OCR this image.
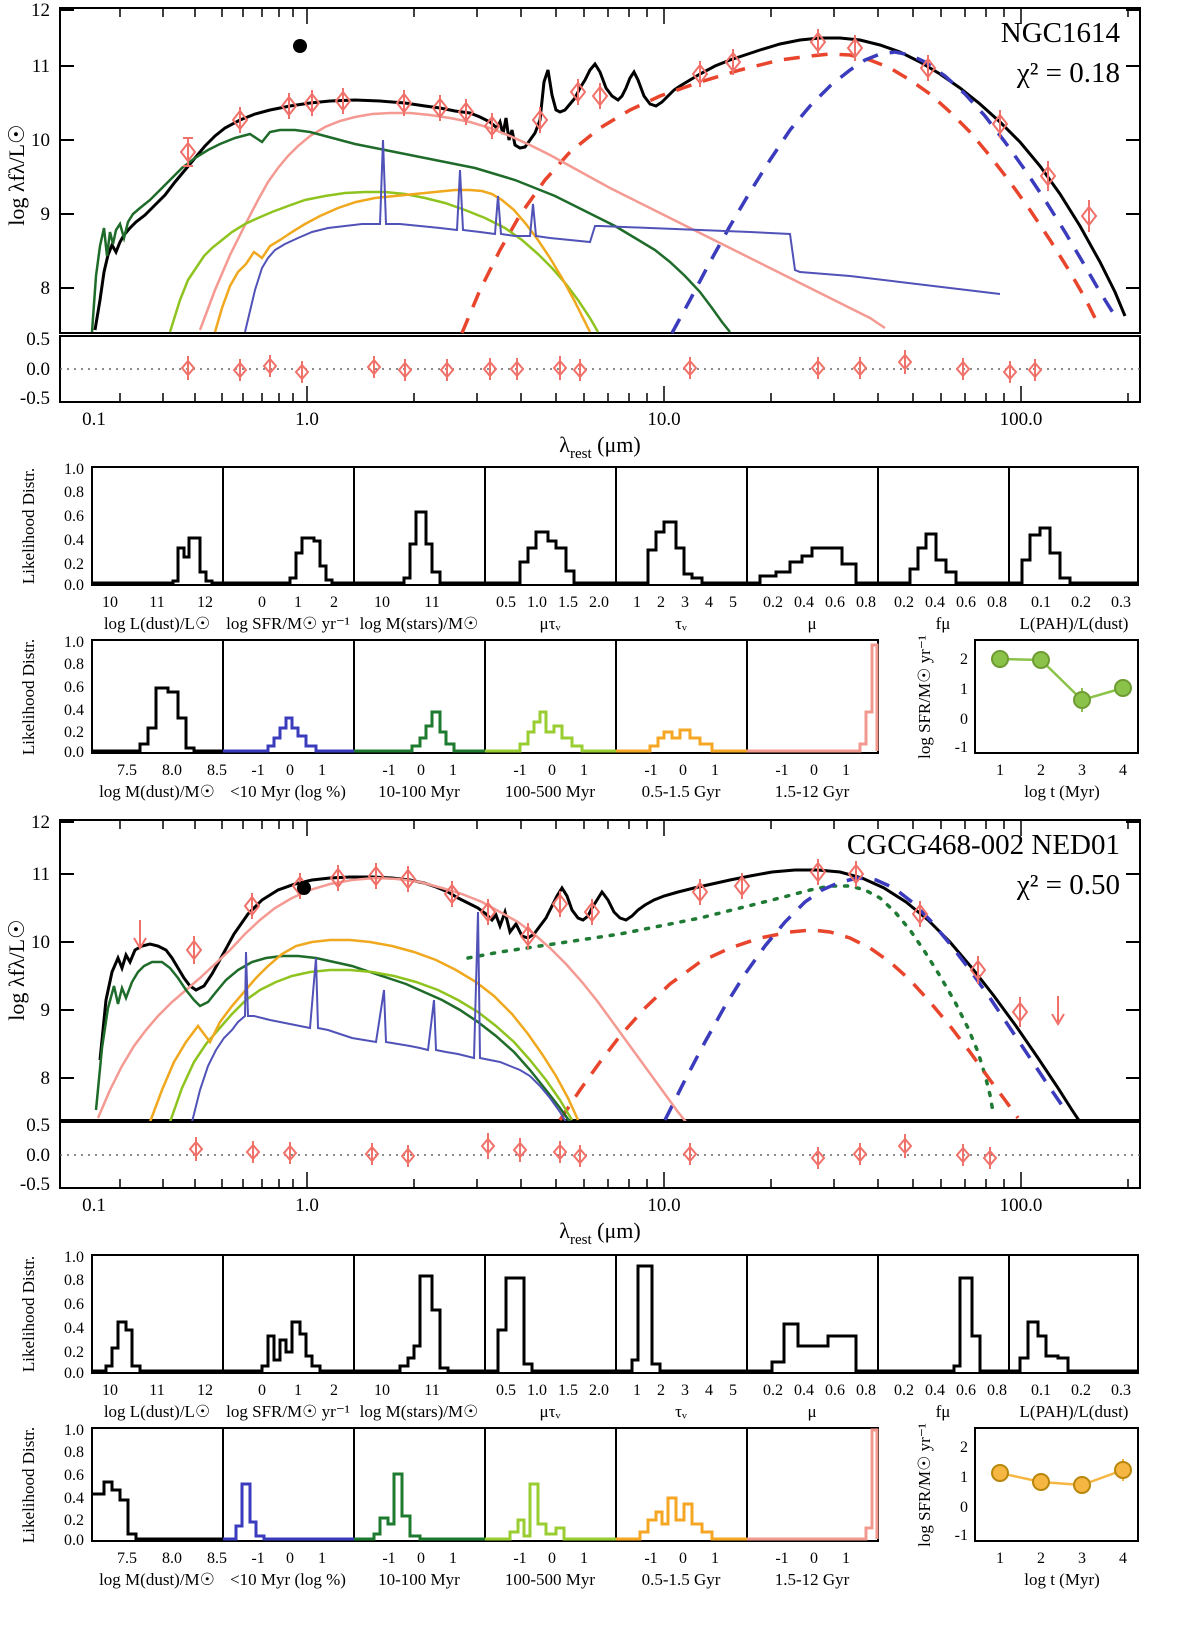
12
11
10
9
8
log λfλ/L☉
NGC1614
χ² = 0.18
0.5
0.0
-0.5
0.1	1.0	10.0	100.0
$\lambda_{rest}$ (μm)
1.0
0.8
0.6
0.4
0.2
0.0
Likelihood Distr.
10 11 12	0 1 2 10 11	0.5 1.0 1.5 2.0 1 2 3 4 5 0.2 0.4 0.6 0.8 0.2 0.4 0.6 0.8 0.1 0.2 0.3
log L(dust)/L☉ log SFR/M☉ yr⁻¹ log M(stars)/M☉	μτᵥ	τᵥ	μ	fμ	L(PAH)/L(dust)
1.0
0.8
0.6
0.4
0.2
0.0
Likelihood Distr.
7.5 8.0 8.5 -1 0 1	-1 0 1	-1 0 1	-1 0 1	-1 0 1
log M(dust)/M☉ <10 Myr (log %) 10-100 Myr	100-500 Myr	0.5-1.5 Gyr	1.5-12 Gyr
2
1
0
-1
log SFR/M☉ yr⁻¹
1 2 3 4
log t (Myr)
12
11
10
9
8
log λfλ/L☉
CGCG468-002 NED01
χ² = 0.50
0.5
0.0
-0.5
0.1	1.0	10.0	100.0
$\lambda_{rest}$ (μm)
1.0
0.8
0.6
0.4
0.2
0.0
Likelihood Distr.
10 11 12	0 1 2 10 11	0.5 1.0 1.5 2.0 1 2 3 4 5 0.2 0.4 0.6 0.8 0.2 0.4 0.6 0.8 0.1 0.2 0.3
log L(dust)/L☉ log SFR/M☉ yr⁻¹ log M(stars)/M☉	μτᵥ	τᵥ	μ	fμ	L(PAH)/L(dust)
1.0
0.8
0.6
0.4
0.2
0.0
Likelihood Distr.
7.5 8.0 8.5 -1 0 1	-1 0 1	-1 0 1	-1 0 1	-1 0 1
log M(dust)/M☉ <10 Myr (log %) 10-100 Myr	100-500 Myr	0.5-1.5 Gyr	1.5-12 Gyr
2
1
0
-1
log SFR/M☉ yr⁻¹
1 2 3 4
log t (Myr)
